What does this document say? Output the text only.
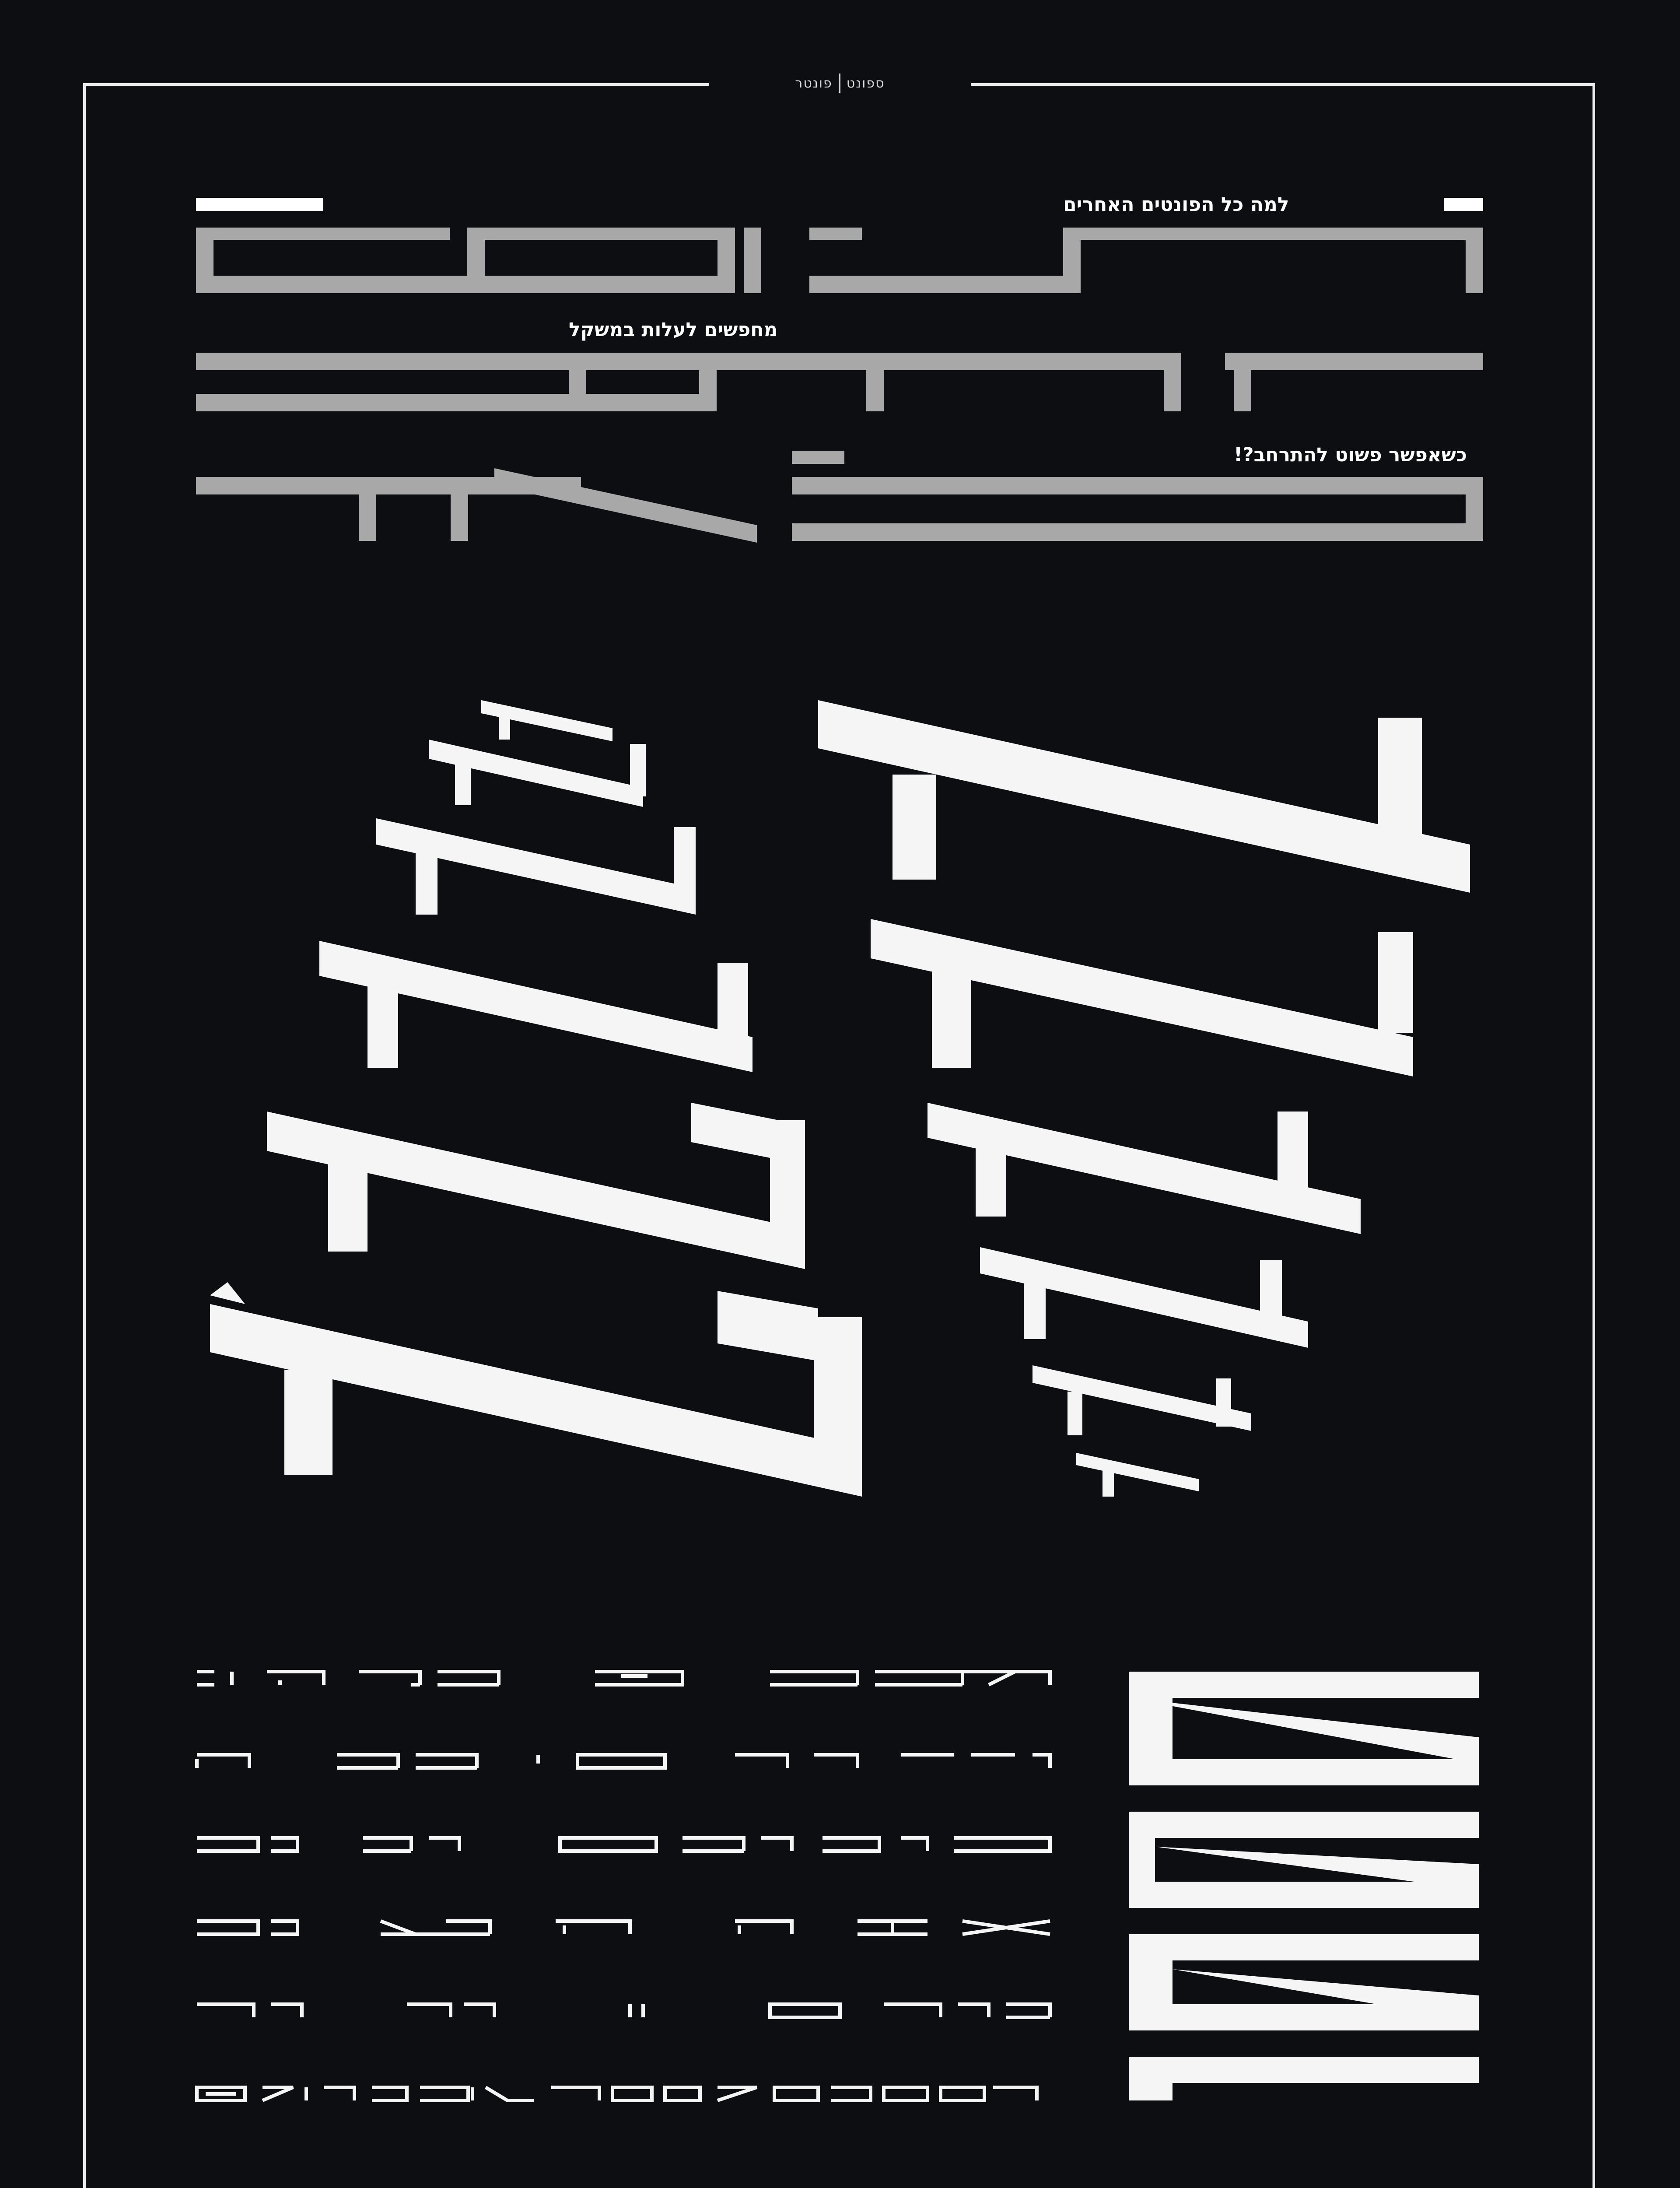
פונטר	ספונט
למה כל הפונטים האחרים
מחפשים לעלות במשקל
כשאפשר פשוט להתרחב?!
